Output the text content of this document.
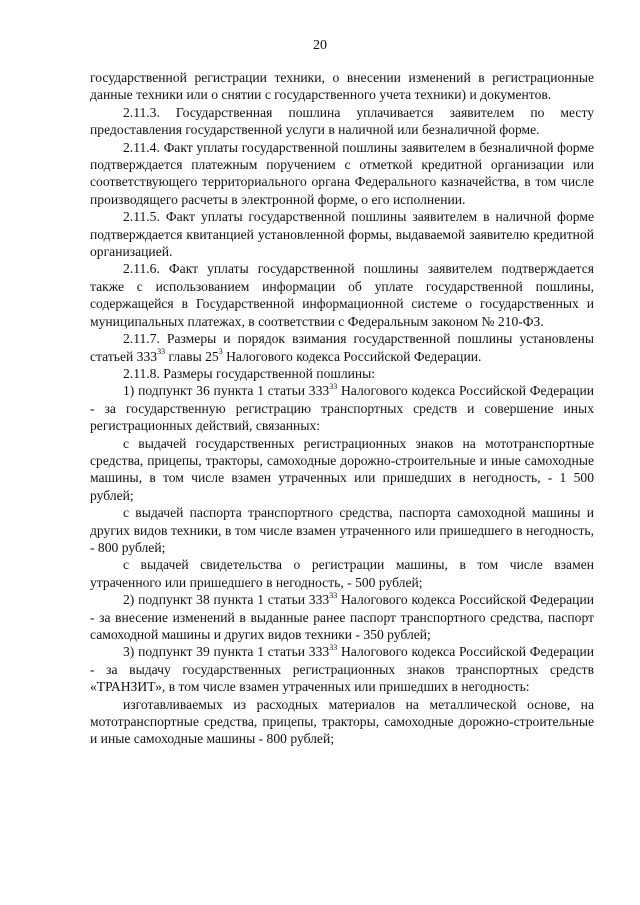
20

государственной регистрации техники, о внесении изменений в регистрационные данные техники или о снятии с государственного учета техники) и документов.

2.11.3. Государственная пошлина уплачивается заявителем по месту предоставления государственной услуги в наличной или безналичной форме.

2.11.4. Факт уплаты государственной пошлины заявителем в безналичной форме подтверждается платежным поручением с отметкой кредитной организации или соответствующего территориального органа Федерального казначейства, в том числе производящего расчеты в электронной форме, о его исполнении.

2.11.5. Факт уплаты государственной пошлины заявителем в наличной форме подтверждается квитанцией установленной формы, выдаваемой заявителю кредитной организацией.

2.11.6. Факт уплаты государственной пошлины заявителем подтверждается также с использованием информации об уплате государственной пошлины, содержащейся в Государственной информационной системе о государственных и муниципальных платежах, в соответствии с Федеральным законом № 210-ФЗ.

2.11.7. Размеры и порядок взимания государственной пошлины установлены статьей $333^{33}$ главы $25^3$ Налогового кодекса Российской Федерации.

2.11.8. Размеры государственной пошлины:

1) подпункт 36 пункта 1 статьи $333^{33}$ Налогового кодекса Российской Федерации - за государственную регистрацию транспортных средств и совершение иных регистрационных действий, связанных:

с выдачей государственных регистрационных знаков на мототранспортные средства, прицепы, тракторы, самоходные дорожно-строительные и иные самоходные машины, в том числе взамен утраченных или пришедших в негодность, - 1 500 рублей;

с выдачей паспорта транспортного средства, паспорта самоходной машины и других видов техники, в том числе взамен утраченного или пришедшего в негодность, - 800 рублей;

с выдачей свидетельства о регистрации машины, в том числе взамен утраченного или пришедшего в негодность, - 500 рублей;

2) подпункт 38 пункта 1 статьи $333^{33}$ Налогового кодекса Российской Федерации - за внесение изменений в выданные ранее паспорт транспортного средства, паспорт самоходной машины и других видов техники - 350 рублей;

3) подпункт 39 пункта 1 статьи $333^{33}$ Налогового кодекса Российской Федерации - за выдачу государственных регистрационных знаков транспортных средств «ТРАНЗИТ», в том числе взамен утраченных или пришедших в негодность:

изготавливаемых из расходных материалов на металлической основе, на мототранспортные средства, прицепы, тракторы, самоходные дорожно-строительные и иные самоходные машины - 800 рублей;
